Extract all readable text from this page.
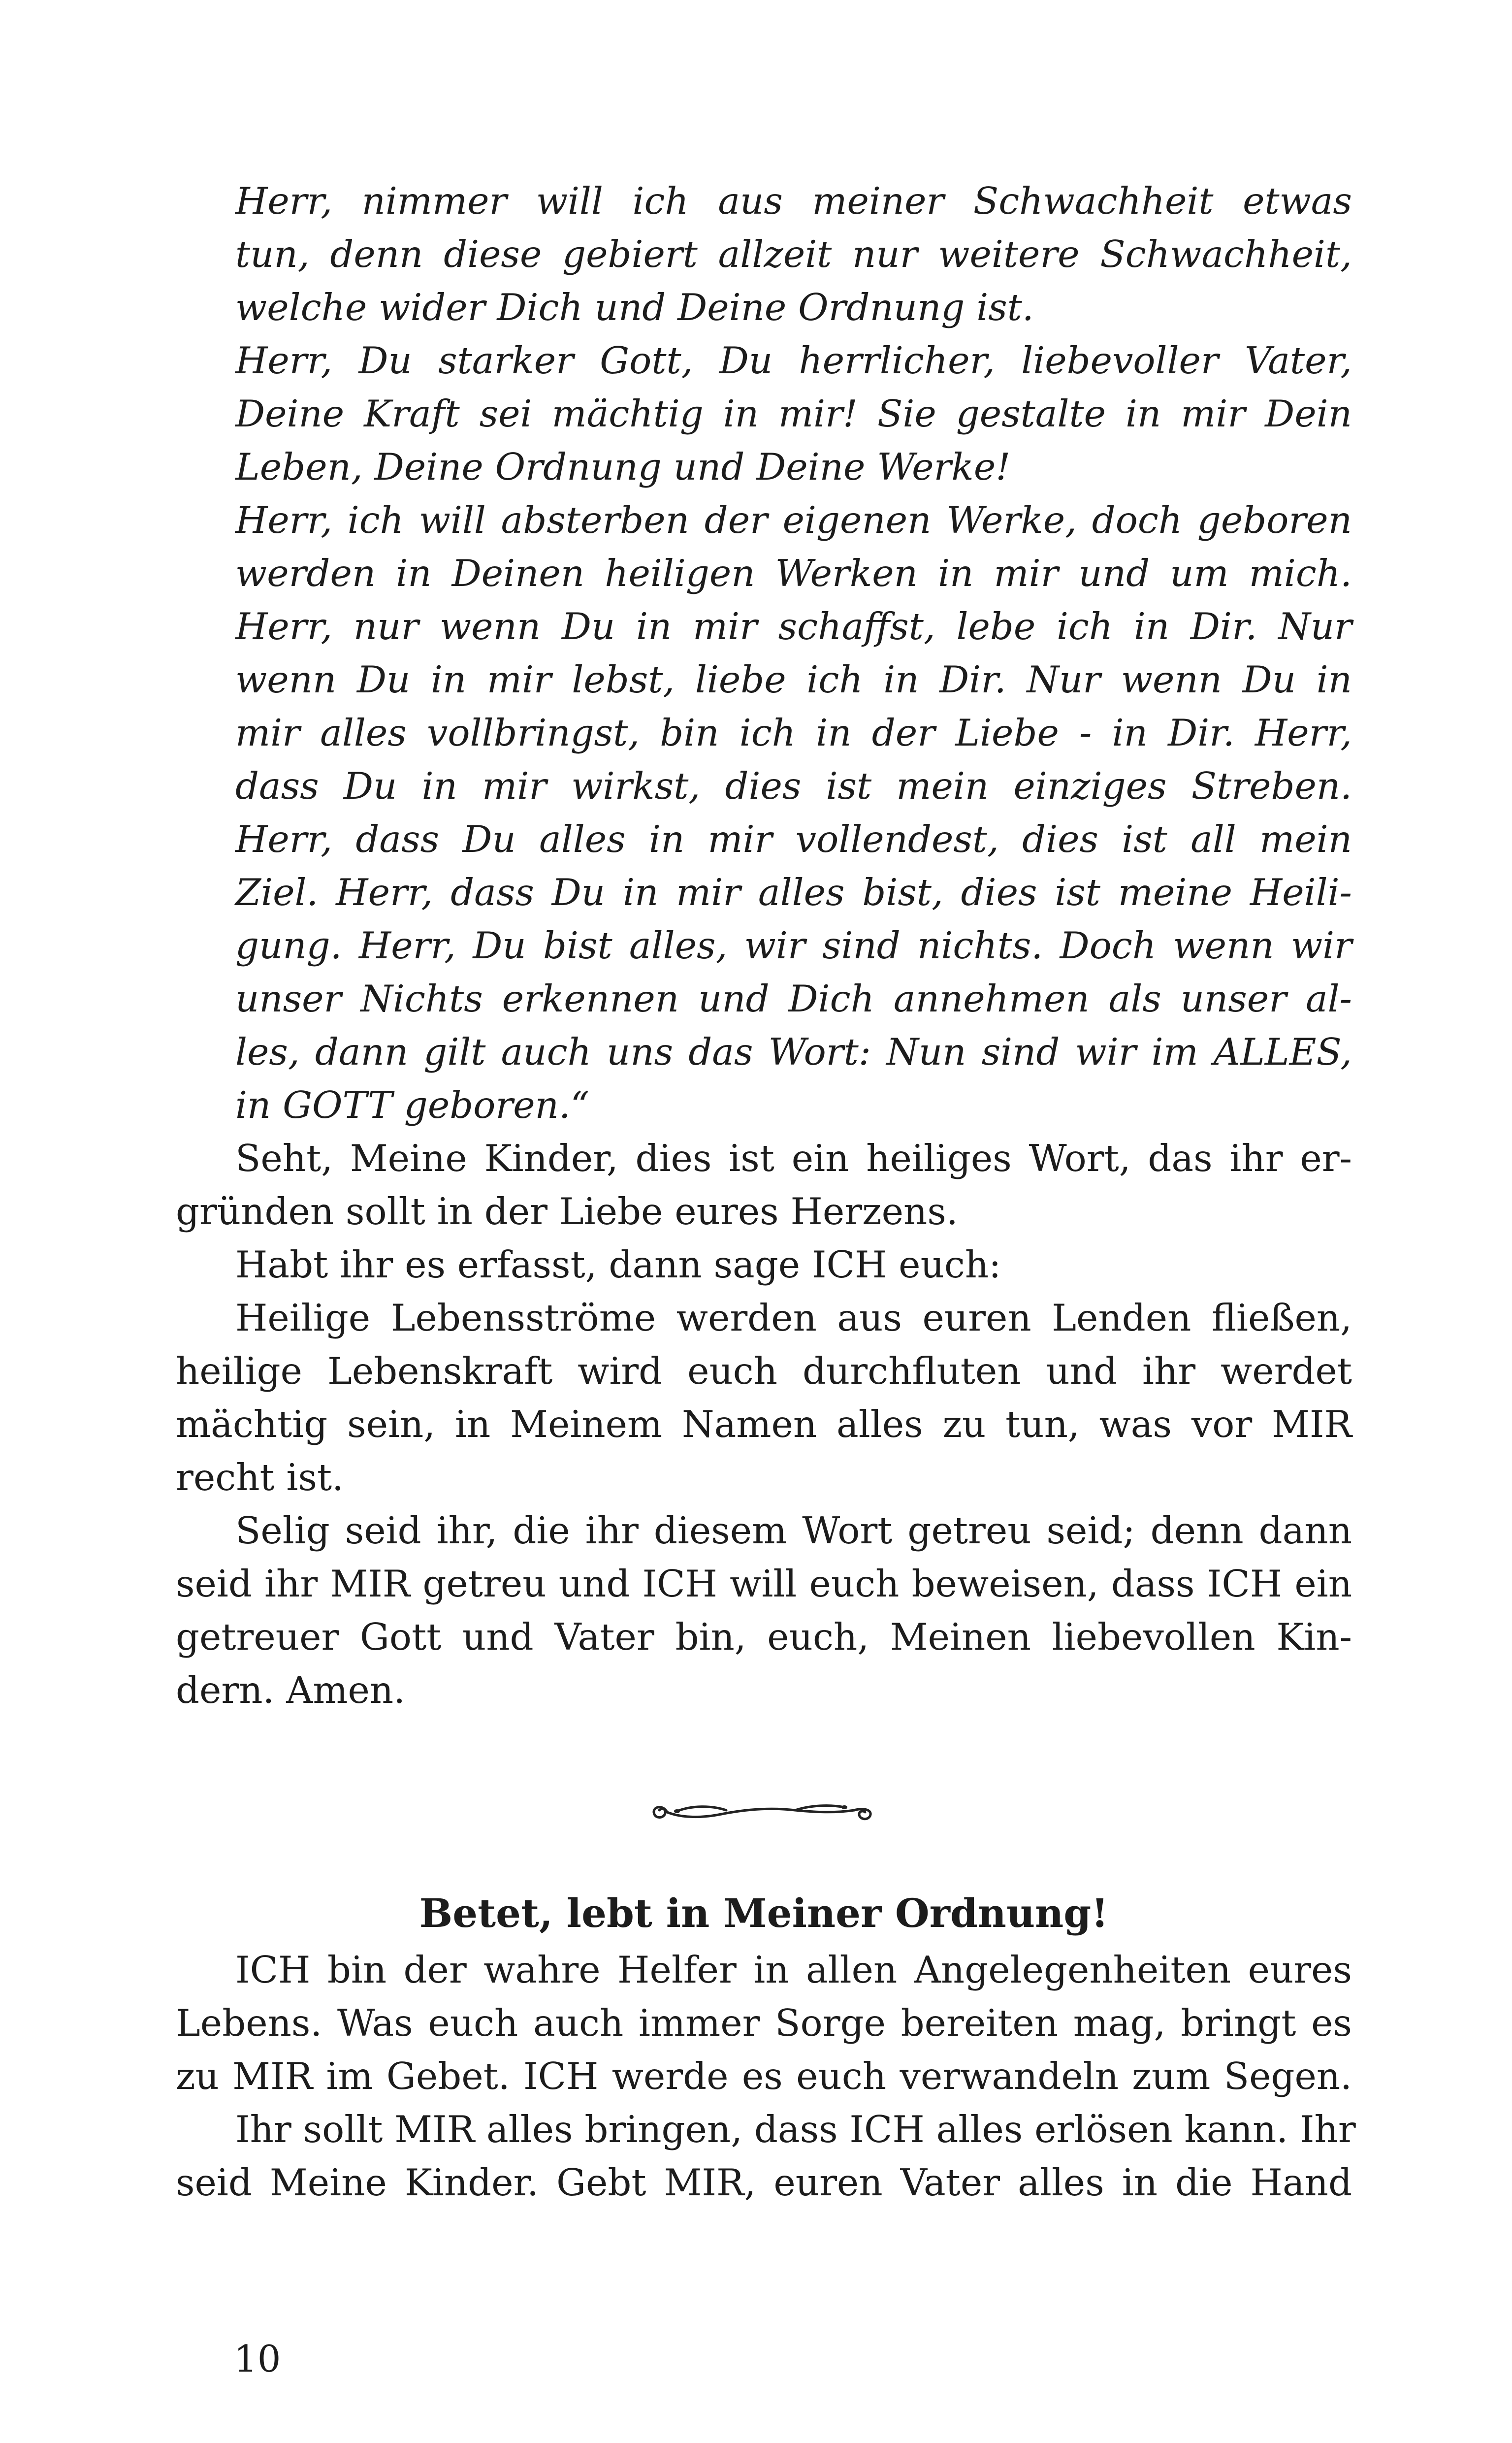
Herr, nimmer will ich aus meiner Schwachheit etwas
tun, denn diese gebiert allzeit nur weitere Schwachheit,
welche wider Dich und Deine Ordnung ist.
Herr, Du starker Gott, Du herrlicher, liebevoller Vater,
Deine Kraft sei mächtig in mir! Sie gestalte in mir Dein
Leben, Deine Ordnung und Deine Werke!
Herr, ich will absterben der eigenen Werke, doch geboren
werden in Deinen heiligen Werken in mir und um mich.
Herr, nur wenn Du in mir schaffst, lebe ich in Dir. Nur
wenn Du in mir lebst, liebe ich in Dir. Nur wenn Du in
mir alles vollbringst, bin ich in der Liebe - in Dir. Herr,
dass Du in mir wirkst, dies ist mein einziges Streben.
Herr, dass Du alles in mir vollendest, dies ist all mein
Ziel. Herr, dass Du in mir alles bist, dies ist meine Heili-
gung. Herr, Du bist alles, wir sind nichts. Doch wenn wir
unser Nichts erkennen und Dich annehmen als unser al-
les, dann gilt auch uns das Wort: Nun sind wir im ALLES,
in GOTT geboren.“
Seht, Meine Kinder, dies ist ein heiliges Wort, das ihr er-
gründen sollt in der Liebe eures Herzens.
Habt ihr es erfasst, dann sage ICH euch:
Heilige Lebensströme werden aus euren Lenden fließen,
heilige Lebenskraft wird euch durchfluten und ihr werdet
mächtig sein, in Meinem Namen alles zu tun, was vor MIR
recht ist.
Selig seid ihr, die ihr diesem Wort getreu seid; denn dann
seid ihr MIR getreu und ICH will euch beweisen, dass ICH ein
getreuer Gott und Vater bin, euch, Meinen liebevollen Kin-
dern. Amen.
Betet, lebt in Meiner Ordnung!
ICH bin der wahre Helfer in allen Angelegenheiten eures
Lebens. Was euch auch immer Sorge bereiten mag, bringt es
zu MIR im Gebet. ICH werde es euch verwandeln zum Segen.
Ihr sollt MIR alles bringen, dass ICH alles erlösen kann. Ihr
seid Meine Kinder. Gebt MIR, euren Vater alles in die Hand
10
